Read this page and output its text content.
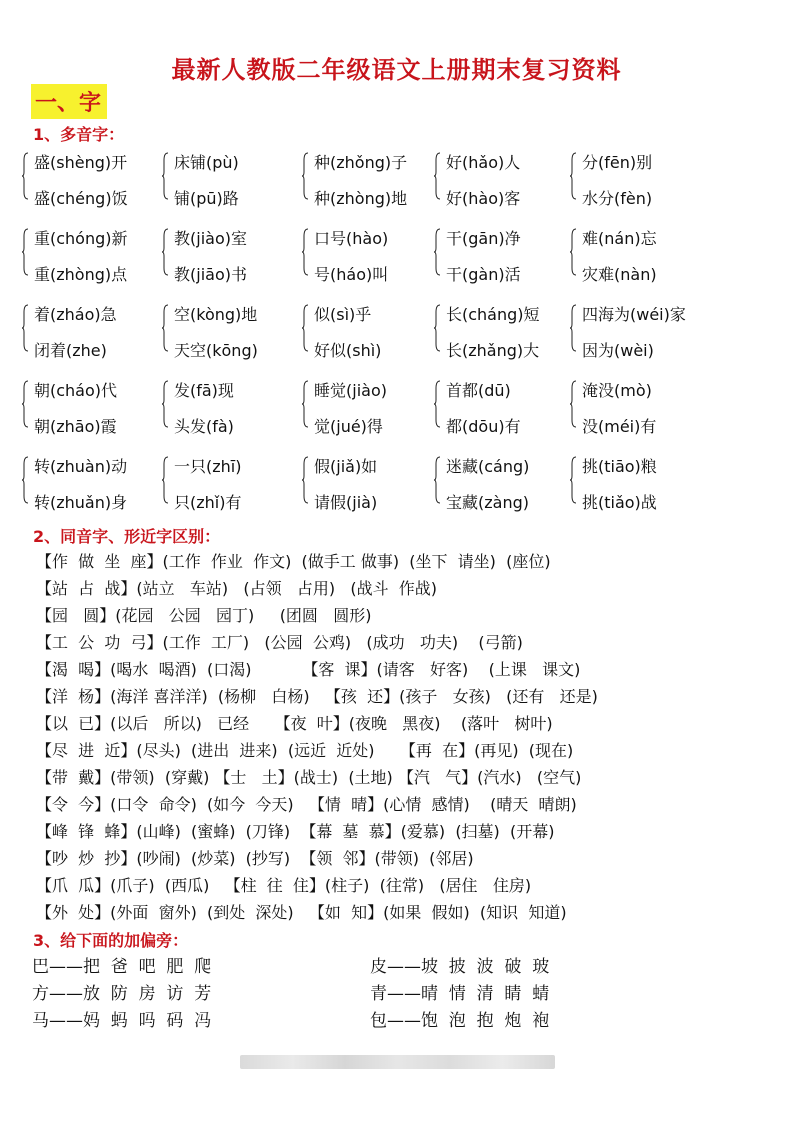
最新人教版二年级语文上册期末复习资料
一、字
1、多音字：
盛(shèng)开
盛(chéng)饭
床铺(pù)
铺(pū)路
种(zhǒng)子
种(zhòng)地
好(hǎo)人
好(hào)客
分(fēn)别
水分(fèn)
重(chóng)新
重(zhòng)点
教(jiào)室
教(jiāo)书
口号(hào)
号(háo)叫
干(gān)净
干(gàn)活
难(nán)忘
灾难(nàn)
着(zháo)急
闭着(zhe)
空(kòng)地
天空(kōng)
似(sì)乎
好似(shì)
长(cháng)短
长(zhǎng)大
四海为(wéi)家
因为(wèi)
朝(cháo)代
朝(zhāo)霞
发(fā)现
头发(fà)
睡觉(jiào)
觉(jué)得
首都(dū)
都(dōu)有
淹没(mò)
没(méi)有
转(zhuàn)动
转(zhuǎn)身
一只(zhī)
只(zhǐ)有
假(jiǎ)如
请假(jià)
迷藏(cáng)
宝藏(zàng)
挑(tiāo)粮
挑(tiǎo)战
2、同音字、形近字区别：
【作  做  坐  座】(工作  作业  作文)  (做手工 做事)  (坐下  请坐)  (座位)
【站  占  战】(站立   车站)   (占领   占用)   (战斗  作战)
【园   圆】(花园   公园   园丁)     (团圆   圆形)
【工  公  功  弓】(工作  工厂)   (公园  公鸡)   (成功   功夫)    (弓箭)
【渴  喝】(喝水  喝酒)  (口渴)          【客  课】(请客   好客)    (上课   课文)
【洋  杨】(海洋 喜洋洋)  (杨柳   白杨)   【孩  还】(孩子   女孩)   (还有   还是)
【以  已】(以后   所以)   已经     【夜  叶】(夜晚   黑夜)    (落叶   树叶)
【尽  进  近】(尽头)  (进出  进来)  (远近  近处)     【再  在】(再见)  (现在)
【带  戴】(带领)  (穿戴) 【士   土】(战士)  (土地) 【汽   气】(汽水)   (空气)
【令  今】(口令  命令)  (如今  今天)   【情  晴】(心情  感情)    (晴天  晴朗)
【峰  锋  蜂】(山峰)  (蜜蜂)  (刀锋)  【幕  墓  慕】(爱慕)  (扫墓)  (开幕)
【吵  炒  抄】(吵闹)  (炒菜)  (抄写)  【领  邻】(带领)  (邻居)
【爪  瓜】(爪子)  (西瓜)   【柱  往  住】(柱子)  (往常)   (居住   住房)
【外  处】(外面  窗外)  (到处  深处)   【如  知】(如果  假如)  (知识  知道)
3、给下面的加偏旁：
巴——把  爸  吧  肥  爬	皮——坡  披  波  破  玻
方——放  防  房  访  芳	青——晴  情  清  睛  蜻
马——妈  蚂  吗  码  冯	包——饱  泡  抱  炮  袍
